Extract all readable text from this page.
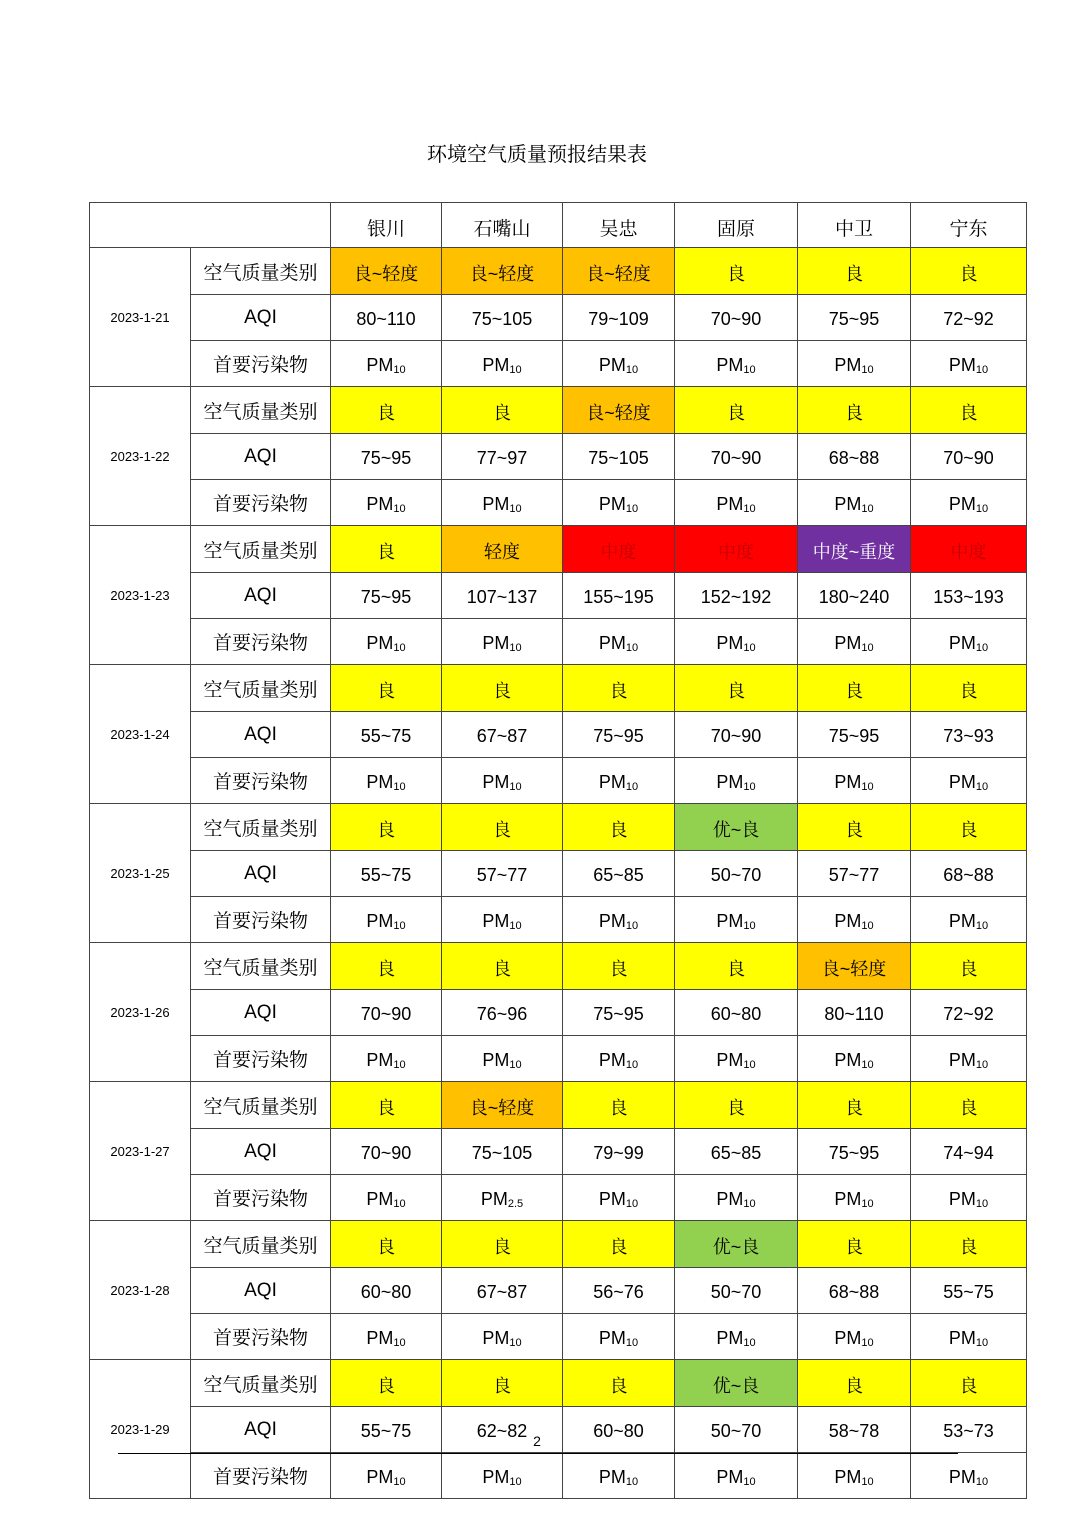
环境空气质量预报结果表
		银川	石嘴山	吴忠	固原	中卫	宁东
2023-1-21	空气质量类别	良~轻度	良~轻度	良~轻度	良	良	良
	AQI	80~110	75~105	79~109	70~90	75~95	72~92
	首要污染物	$PM_{10}$	$PM_{10}$	$PM_{10}$	$PM_{10}$	$PM_{10}$	$PM_{10}$
2023-1-22	空气质量类别	良	良	良~轻度	良	良	良
	AQI	75~95	77~97	75~105	70~90	68~88	70~90
	首要污染物	$PM_{10}$	$PM_{10}$	$PM_{10}$	$PM_{10}$	$PM_{10}$	$PM_{10}$
2023-1-23	空气质量类别	良	轻度	中度	中度	中度~重度	中度
	AQI	75~95	107~137	155~195	152~192	180~240	153~193
	首要污染物	$PM_{10}$	$PM_{10}$	$PM_{10}$	$PM_{10}$	$PM_{10}$	$PM_{10}$
2023-1-24	空气质量类别	良	良	良	良	良	良
	AQI	55~75	67~87	75~95	70~90	75~95	73~93
	首要污染物	$PM_{10}$	$PM_{10}$	$PM_{10}$	$PM_{10}$	$PM_{10}$	$PM_{10}$
2023-1-25	空气质量类别	良	良	良	优~良	良	良
	AQI	55~75	57~77	65~85	50~70	57~77	68~88
	首要污染物	$PM_{10}$	$PM_{10}$	$PM_{10}$	$PM_{10}$	$PM_{10}$	$PM_{10}$
2023-1-26	空气质量类别	良	良	良	良	良~轻度	良
	AQI	70~90	76~96	75~95	60~80	80~110	72~92
	首要污染物	$PM_{10}$	$PM_{10}$	$PM_{10}$	$PM_{10}$	$PM_{10}$	$PM_{10}$
2023-1-27	空气质量类别	良	良~轻度	良	良	良	良
	AQI	70~90	75~105	79~99	65~85	75~95	74~94
	首要污染物	$PM_{10}$	$PM_{2.5}$	$PM_{10}$	$PM_{10}$	$PM_{10}$	$PM_{10}$
2023-1-28	空气质量类别	良	良	良	优~良	良	良
	AQI	60~80	67~87	56~76	50~70	68~88	55~75
	首要污染物	$PM_{10}$	$PM_{10}$	$PM_{10}$	$PM_{10}$	$PM_{10}$	$PM_{10}$
2023-1-29	空气质量类别	良	良	良	优~良	良	良
	AQI	55~75	62~82	60~80	50~70	58~78	53~73
	首要污染物	$PM_{10}$	$PM_{10}$	$PM_{10}$	$PM_{10}$	$PM_{10}$	$PM_{10}$
2
